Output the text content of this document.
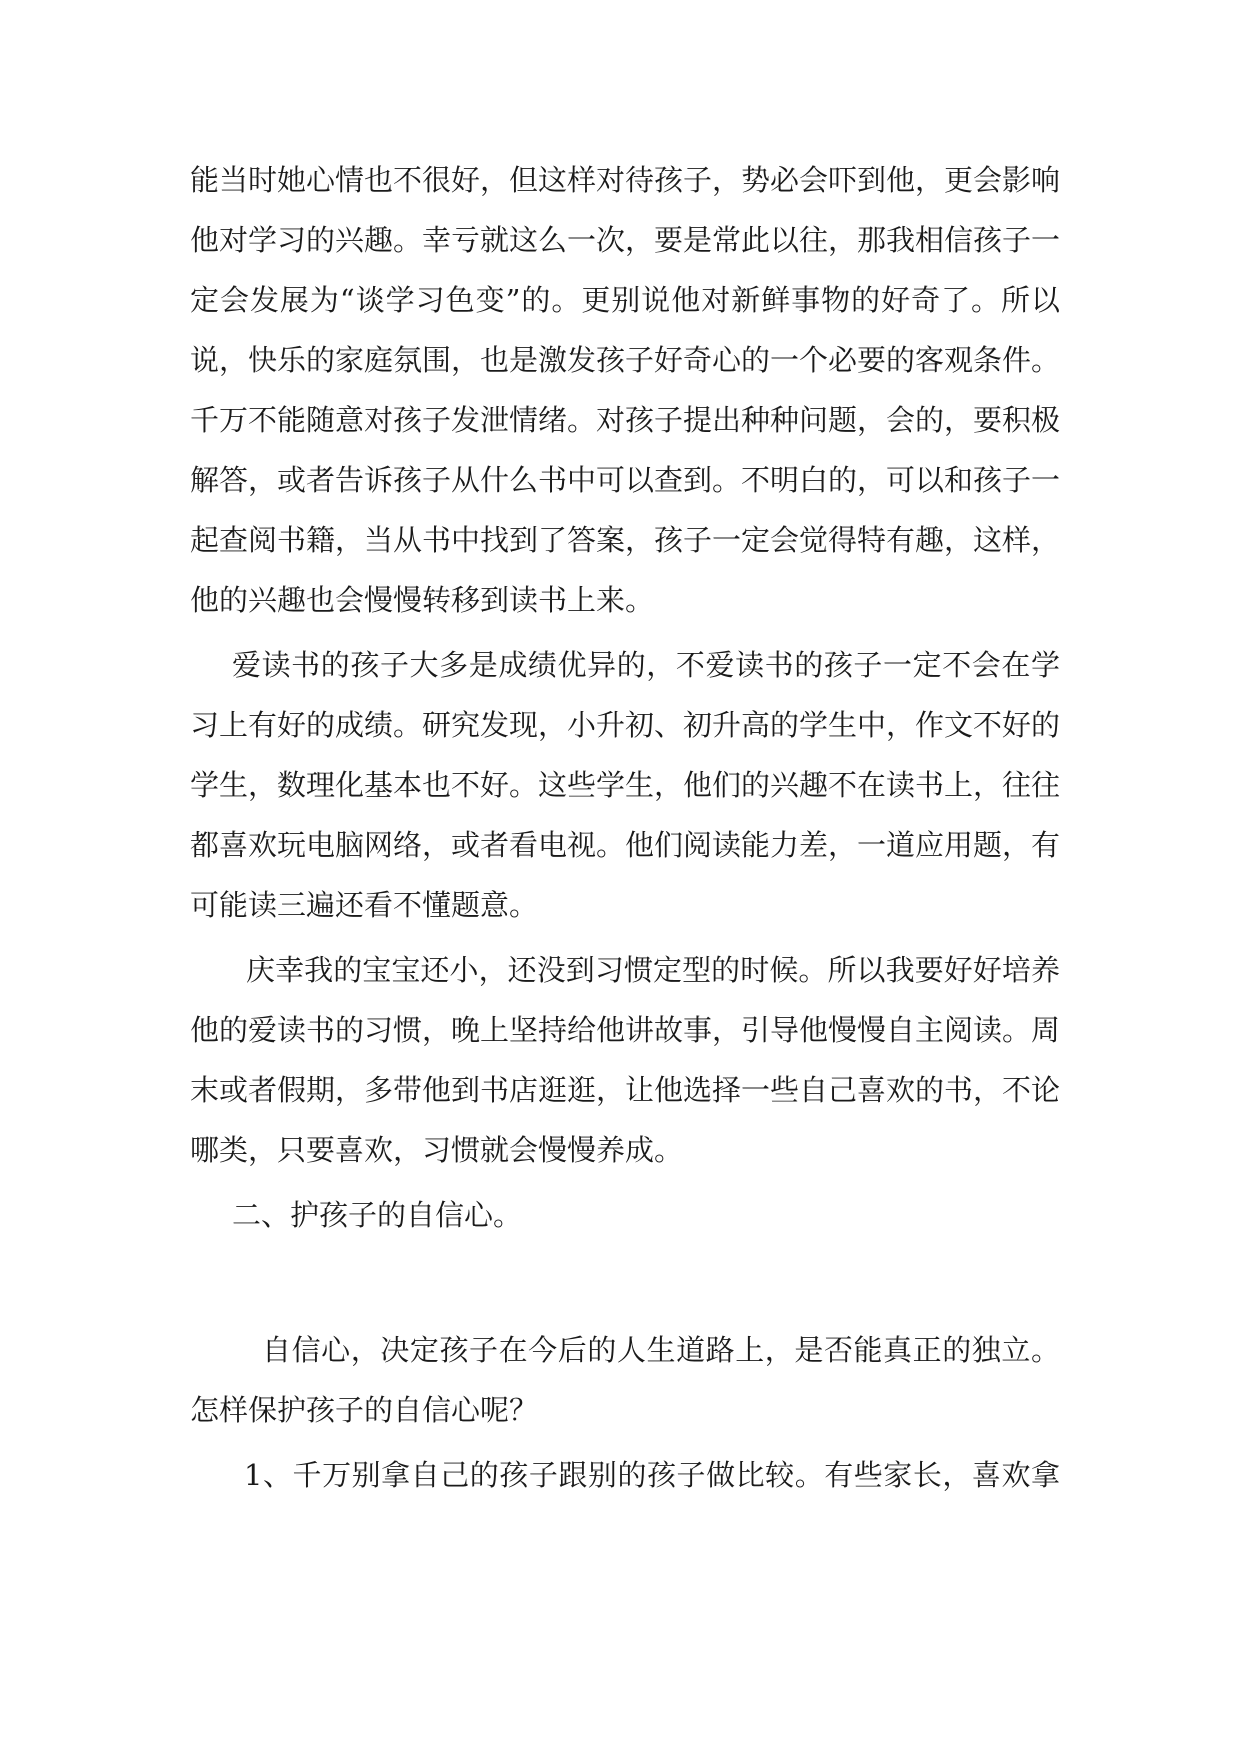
能当时她心情也不很好，但这样对待孩子，势必会吓到他，更会影响
他对学习的兴趣。幸亏就这么一次，要是常此以往，那我相信孩子一
定会发展为“谈学习色变”的。更别说他对新鲜事物的好奇了。所以
说，快乐的家庭氛围，也是激发孩子好奇心的一个必要的客观条件。
千万不能随意对孩子发泄情绪。对孩子提出种种问题，会的，要积极
解答，或者告诉孩子从什么书中可以查到。不明白的，可以和孩子一
起查阅书籍，当从书中找到了答案，孩子一定会觉得特有趣，这样，
他的兴趣也会慢慢转移到读书上来。
爱读书的孩子大多是成绩优异的，不爱读书的孩子一定不会在学
习上有好的成绩。研究发现，小升初、初升高的学生中，作文不好的
学生，数理化基本也不好。这些学生，他们的兴趣不在读书上，往往
都喜欢玩电脑网络，或者看电视。他们阅读能力差，一道应用题，有
可能读三遍还看不懂题意。
庆幸我的宝宝还小，还没到习惯定型的时候。所以我要好好培养
他的爱读书的习惯，晚上坚持给他讲故事，引导他慢慢自主阅读。周
末或者假期，多带他到书店逛逛，让他选择一些自己喜欢的书，不论
哪类，只要喜欢，习惯就会慢慢养成。
二、护孩子的自信心。
自信心，决定孩子在今后的人生道路上，是否能真正的独立。
怎样保护孩子的自信心呢？
1、千万别拿自己的孩子跟别的孩子做比较。有些家长，喜欢拿
